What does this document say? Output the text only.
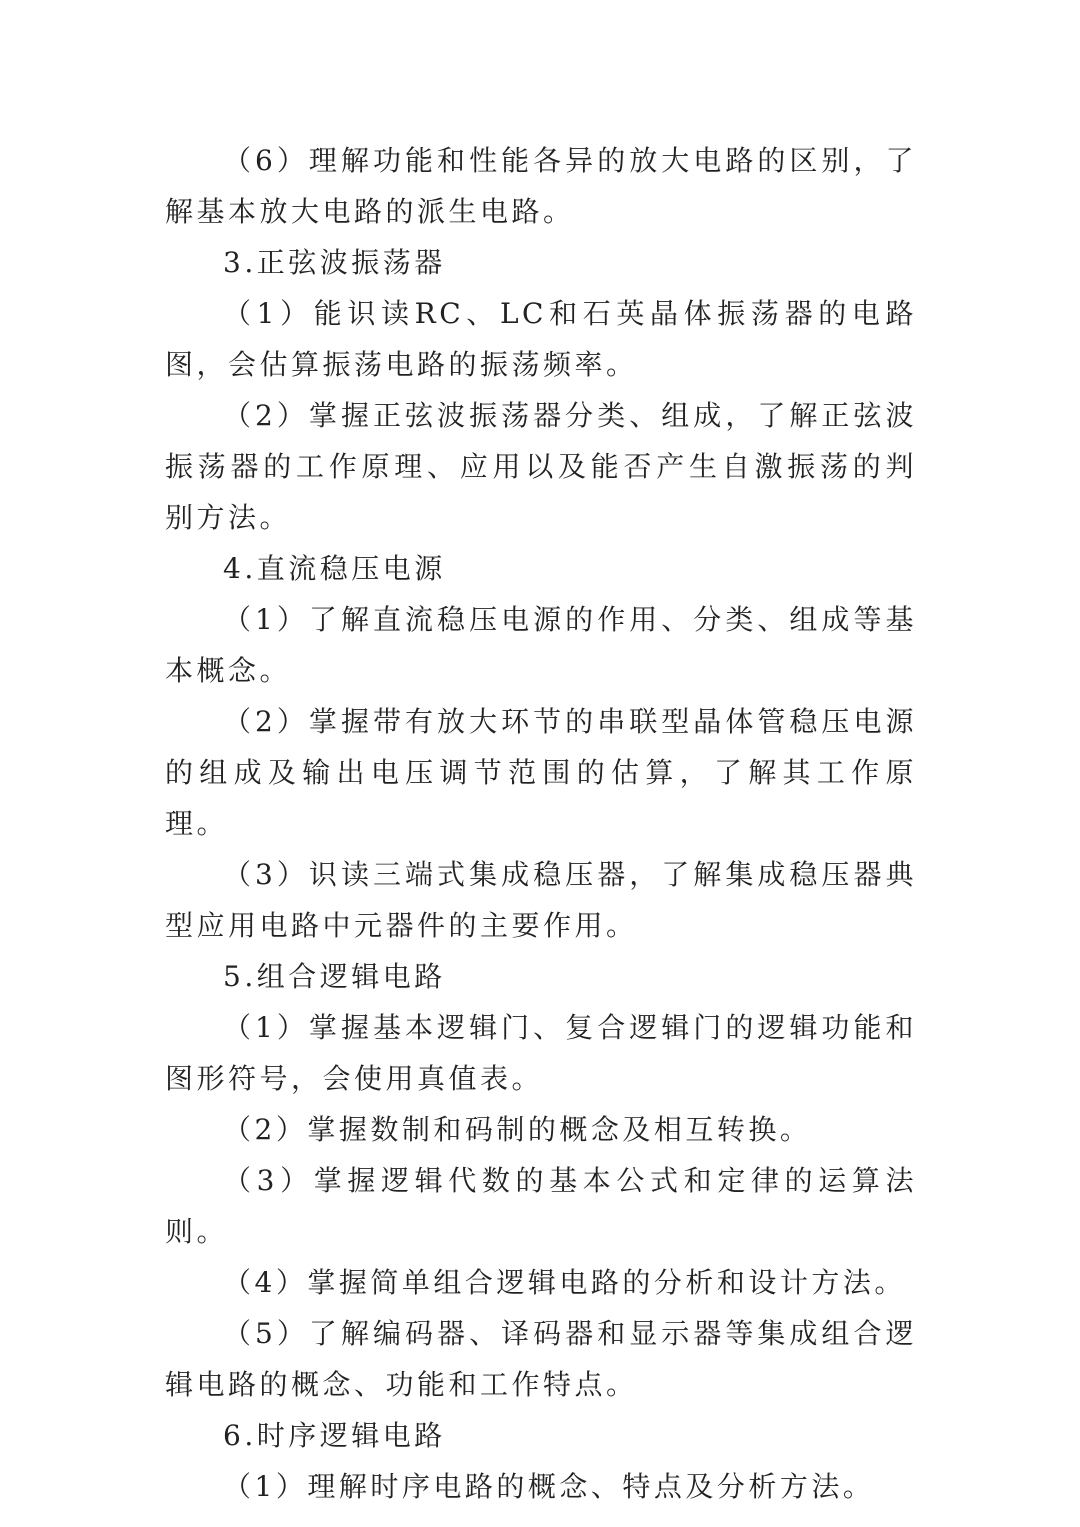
（6）理解功能和性能各异的放大电路的区别，了解基本放大电路的派生电路。

3.正弦波振荡器

（1）能识读RC、LC和石英晶体振荡器的电路图，会估算振荡电路的振荡频率。

（2）掌握正弦波振荡器分类、组成，了解正弦波振荡器的工作原理、应用以及能否产生自激振荡的判别方法。

4.直流稳压电源

（1）了解直流稳压电源的作用、分类、组成等基本概念。

（2）掌握带有放大环节的串联型晶体管稳压电源的组成及输出电压调节范围的估算，了解其工作原理。

（3）识读三端式集成稳压器，了解集成稳压器典型应用电路中元器件的主要作用。

5.组合逻辑电路

（1）掌握基本逻辑门、复合逻辑门的逻辑功能和图形符号，会使用真值表。

（2）掌握数制和码制的概念及相互转换。

（3）掌握逻辑代数的基本公式和定律的运算法则。

（4）掌握简单组合逻辑电路的分析和设计方法。

（5）了解编码器、译码器和显示器等集成组合逻辑电路的概念、功能和工作特点。

6.时序逻辑电路

（1）理解时序电路的概念、特点及分析方法。
